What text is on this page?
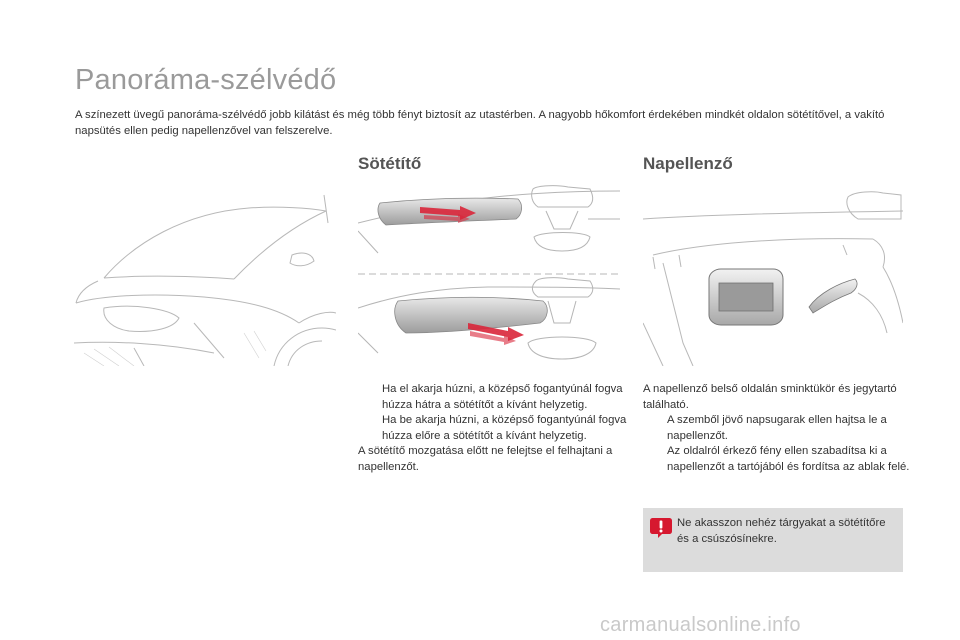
Panoráma-szélvédő

A színezett üvegű panoráma-szélvédő jobb kilátást és még több fényt biztosít az utastérben. A nagyobb hőkomfort érdekében mindkét oldalon sötétítővel, a vakító napsütés ellen pedig napellenzővel van felszerelve.

Sötétítő	Napellenző
Ha el akarja húzni, a középső fogantyúnál fogva húzza hátra a sötétítőt a kívánt helyzetig.
Ha be akarja húzni, a középső fogantyúnál fogva húzza előre a sötétítőt a kívánt helyzetig.

A sötétítő mozgatása előtt ne felejtse el felhajtani a napellenzőt.

A napellenző belső oldalán sminktükör és jegytartó található.

A szemből jövő napsugarak ellen hajtsa le a napellenzőt.
Az oldalról érkező fény ellen szabadítsa ki a napellenzőt a tartójából és fordítsa az ablak felé.
Ne akasszon nehéz tárgyakat a sötétítőre és a csúszósínekre.
carmanualsonline.info
